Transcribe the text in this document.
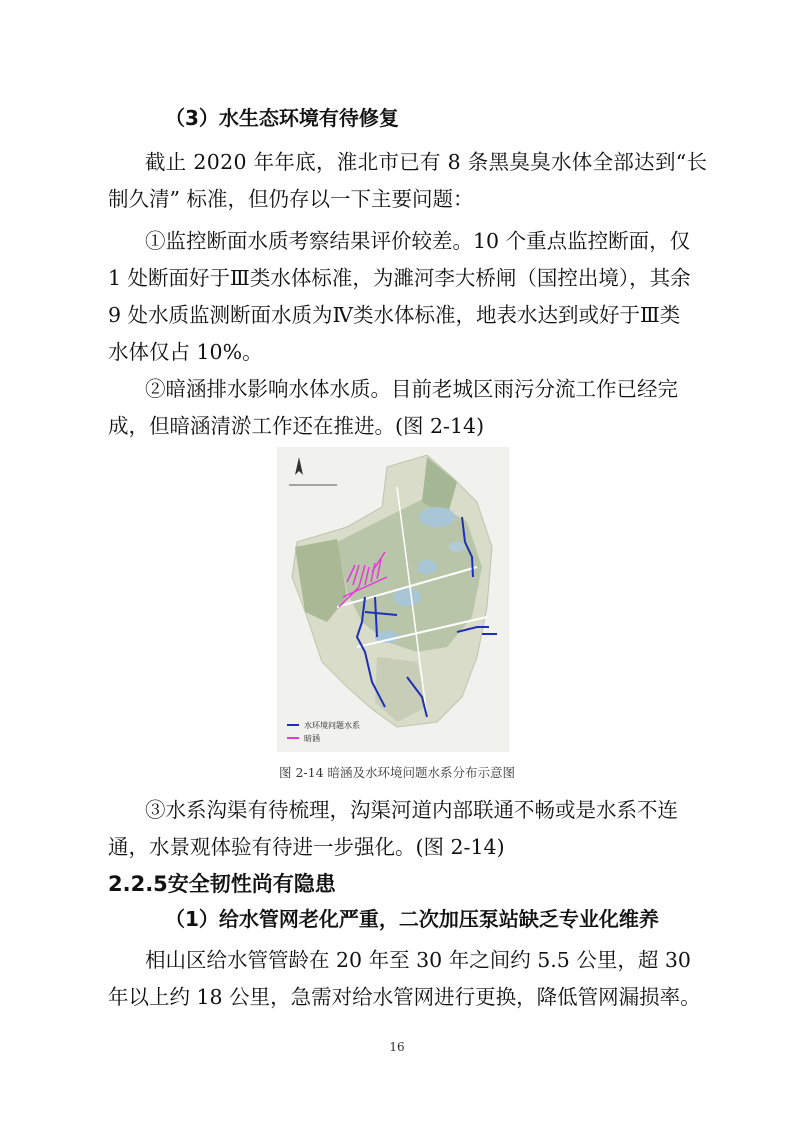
（3）水生态环境有待修复
截止 2020 年年底，淮北市已有 8 条黑臭臭水体全部达到“长
制久清” 标准，但仍存以一下主要问题：
①监控断面水质考察结果评价较差。10 个重点监控断面，仅
1 处断面好于Ⅲ类水体标准，为濉河李大桥闸（国控出境），其余
9 处水质监测断面水质为Ⅳ类水体标准，地表水达到或好于Ⅲ类
水体仅占 10%。
②暗涵排水影响水体水质。目前老城区雨污分流工作已经完
成，但暗涵清淤工作还在推进。(图 2-14)
水环境问题水系
暗涵
图 2-14 暗涵及水环境问题水系分布示意图
③水系沟渠有待梳理，沟渠河道内部联通不畅或是水系不连
通，水景观体验有待进一步强化。(图 2-14)
2.2.5安全韧性尚有隐患
（1）给水管网老化严重，二次加压泵站缺乏专业化维养
相山区给水管管龄在 20 年至 30 年之间约 5.5 公里，超 30
年以上约 18 公里，急需对给水管网进行更换，降低管网漏损率。
16
